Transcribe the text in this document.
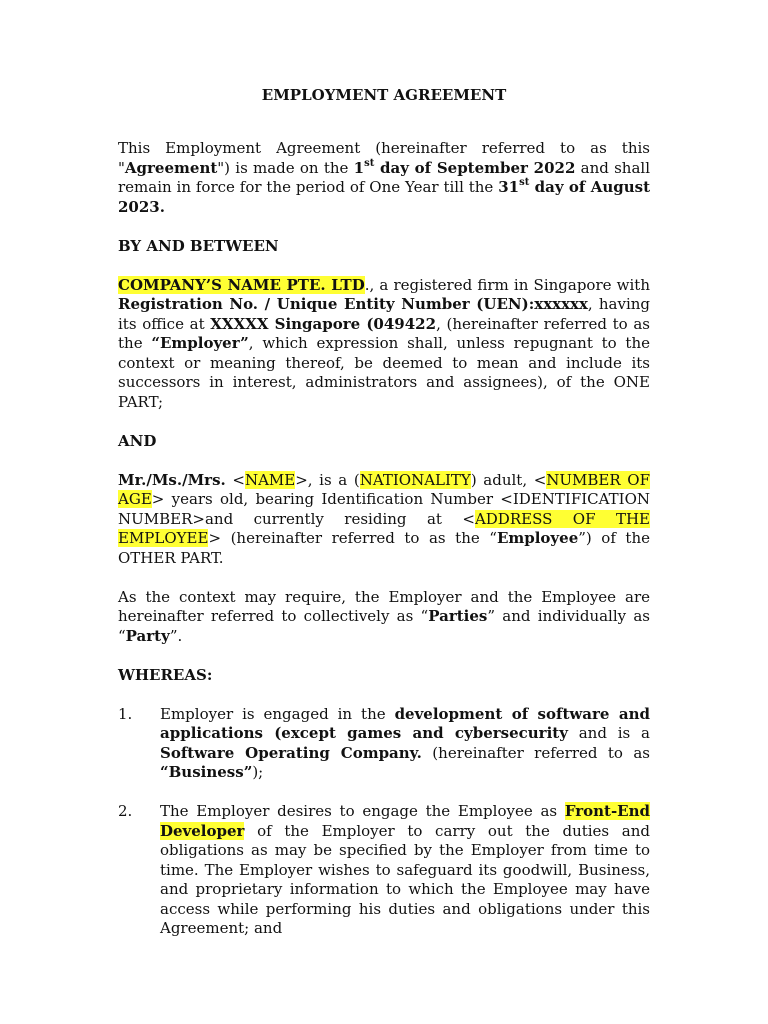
EMPLOYMENT AGREEMENT

This Employment Agreement (hereinafter referred to as this "Agreement") is made on the 1st day of September 2022 and shall remain in force for the period of One Year till the 31st day of August 2023.

BY AND BETWEEN

COMPANY’S NAME PTE. LTD., a registered firm in Singapore with Registration No. / Unique Entity Number (UEN):xxxxxx, having its office at XXXXX Singapore (049422, (hereinafter referred to as the “Employer”, which expression shall, unless repugnant to the context or meaning thereof, be deemed to mean and include its successors in interest, administrators and assignees), of the ONE PART;

AND

Mr./Ms./Mrs. <NAME>, is a (NATIONALITY) adult, <NUMBER OF AGE> years old, bearing Identification Number <IDENTIFICATION NUMBER>and currently residing at <ADDRESS OF THE EMPLOYEE> (hereinafter referred to as the “Employee”) of the OTHER PART.

As the context may require, the Employer and the Employee are hereinafter referred to collectively as “Parties” and individually as “Party”.

WHEREAS:

1. Employer is engaged in the development of software and applications (except games and cybersecurity and is a Software Operating Company. (hereinafter referred to as “Business”);
2. The Employer desires to engage the Employee as Front-End Developer of the Employer to carry out the duties and obligations as may be specified by the Employer from time to time. The Employer wishes to safeguard its goodwill, Business, and proprietary information to which the Employee may have access while performing his duties and obligations under this Agreement; and
